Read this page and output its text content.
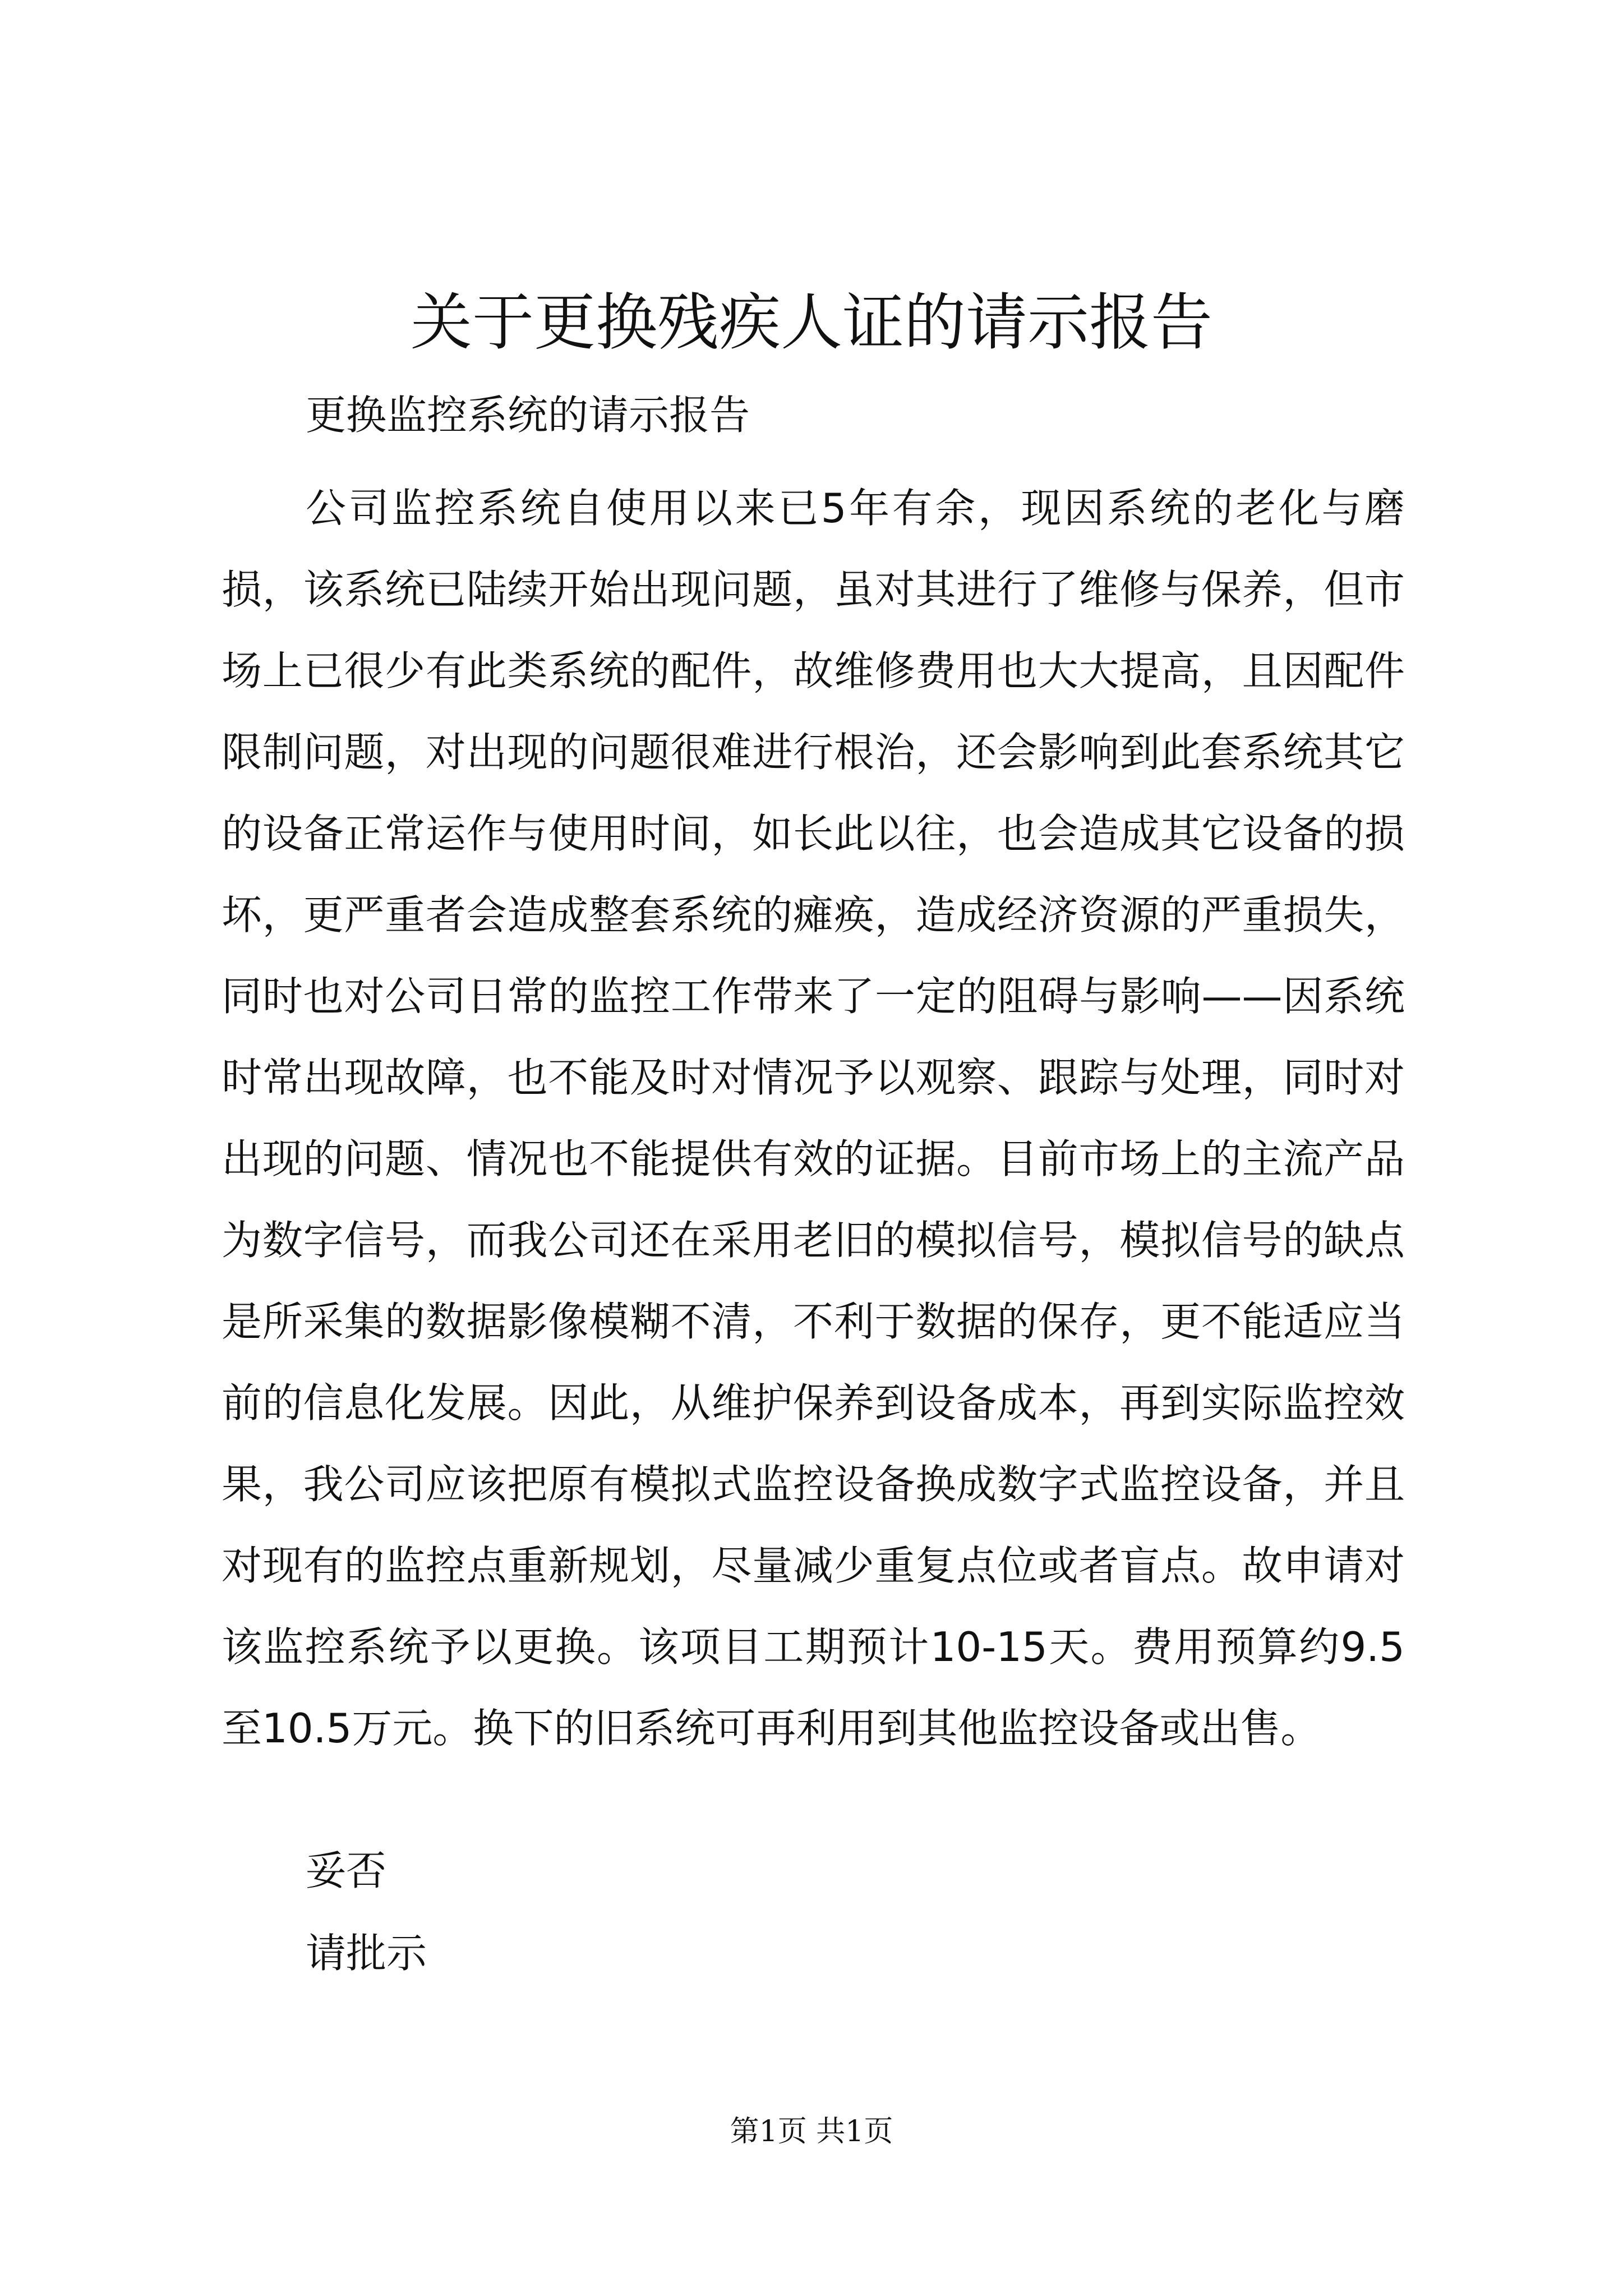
关于更换残疾人证的请示报告
更换监控系统的请示报告

公司监控系统自使用以来已5年有余，现因系统的老化与磨损，该系统已陆续开始出现问题，虽对其进行了维修与保养，但市场上已很少有此类系统的配件，故维修费用也大大提高，且因配件限制问题，对出现的问题很难进行根治，还会影响到此套系统其它的设备正常运作与使用时间，如长此以往，也会造成其它设备的损坏，更严重者会造成整套系统的瘫痪，造成经济资源的严重损失，同时也对公司日常的监控工作带来了一定的阻碍与影响——因系统时常出现故障，也不能及时对情况予以观察、跟踪与处理，同时对出现的问题、情况也不能提供有效的证据。目前市场上的主流产品为数字信号，而我公司还在采用老旧的模拟信号，模拟信号的缺点是所采集的数据影像模糊不清，不利于数据的保存，更不能适应当前的信息化发展。因此，从维护保养到设备成本，再到实际监控效果，我公司应该把原有模拟式监控设备换成数字式监控设备，并且对现有的监控点重新规划，尽量减少重复点位或者盲点。故申请对该监控系统予以更换。该项目工期预计10-15天。费用预算约9.5至10.5万元。换下的旧系统可再利用到其他监控设备或出售。

妥否
请批示
第1页 共1页
